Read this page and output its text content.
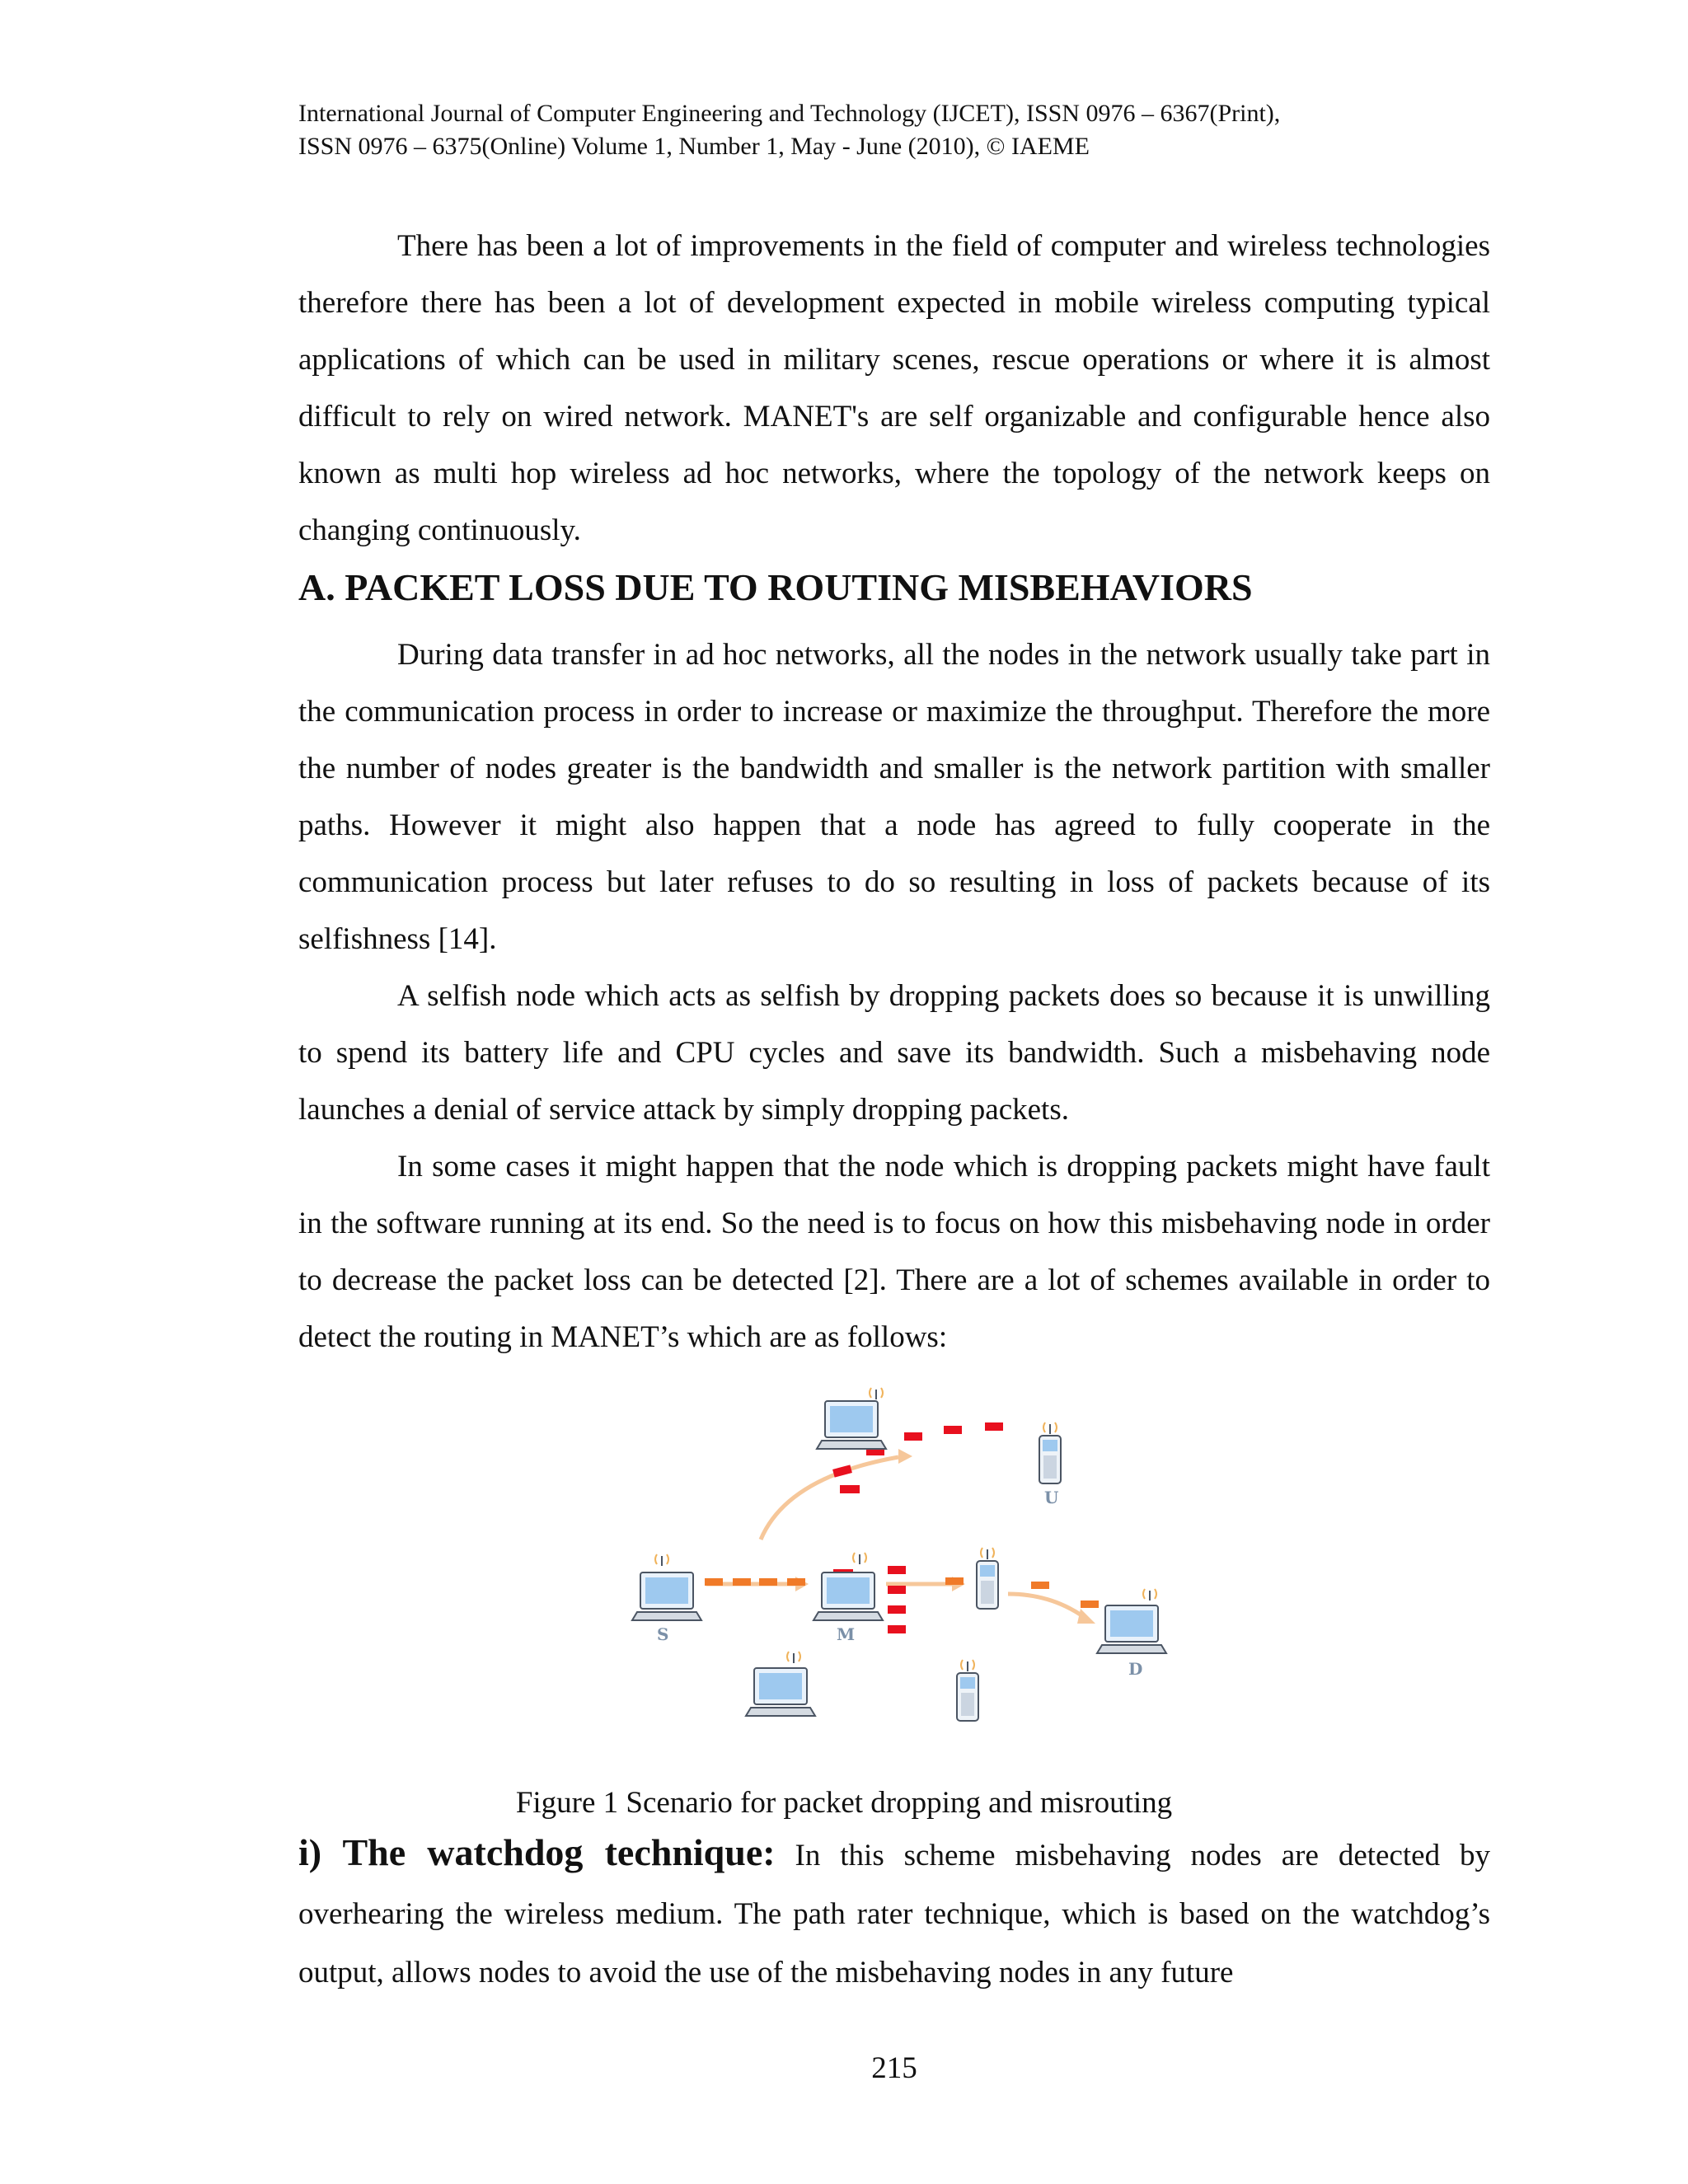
International Journal of Computer Engineering and Technology (IJCET), ISSN 0976 – 6367(Print),
ISSN 0976 – 6375(Online) Volume 1, Number 1, May - June (2010), © IAEME

There has been a lot of improvements in the field of computer and wireless technologies therefore there has been a lot of development expected in mobile wireless computing typical applications of which can be used in military scenes, rescue operations or where it is almost difficult to rely on wired network. MANET's are self organizable and configurable hence also known as multi hop wireless ad hoc networks, where the topology of the network keeps on changing continuously.

A. PACKET LOSS DUE TO ROUTING MISBEHAVIORS

During data transfer in ad hoc networks, all the nodes in the network usually take part in the communication process in order to increase or maximize the throughput. Therefore the more the number of nodes greater is the bandwidth and smaller is the network partition with smaller paths. However it might also happen that a node has agreed to fully cooperate in the communication process but later refuses to do so resulting in loss of packets because of its selfishness [14].

A selfish node which acts as selfish by dropping packets does so because it is unwilling to spend its battery life and CPU cycles and save its bandwidth. Such a misbehaving node launches a denial of service attack by simply dropping packets.

In some cases it might happen that the node which is dropping packets might have fault in the software running at its end. So the need is to focus on how this misbehaving node in order to decrease the packet loss can be detected [2]. There are a lot of schemes available in order to detect the routing in MANET’s which are as follows:

U
S	M
D
Figure 1 Scenario for packet dropping and misrouting
i) The watchdog technique: In this scheme misbehaving nodes are detected by overhearing the wireless medium. The path rater technique, which is based on the watchdog’s output, allows nodes to avoid the use of the misbehaving nodes in any future
215
